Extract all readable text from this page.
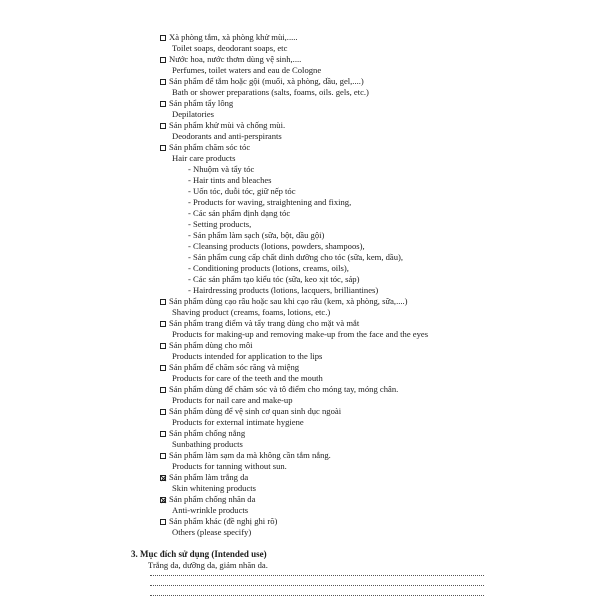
Xà phòng tắm, xà phòng khử mùi,.....
Toilet soaps, deodorant soaps, etc
Nước hoa, nước thơm dùng vệ sinh,....
Perfumes, toilet waters and eau de Cologne
Sản phẩm để tắm hoặc gội (muối, xà phòng, dầu, gel,....)
Bath or shower preparations (salts, foams, oils. gels, etc.)
Sản phẩm tẩy lông
Depilatories
Sản phẩm khử mùi và chống mùi.
Deodorants and anti-perspirants
Sản phẩm chăm sóc tóc
Hair care products
- Nhuộm và tẩy tóc
- Hair tints and bleaches
- Uốn tóc, duỗi tóc, giữ nếp tóc
- Products for waving, straightening and fixing,
- Các sản phẩm định dạng tóc
- Setting products,
- Sản phẩm làm sạch (sữa, bột, dầu gội)
- Cleansing products (lotions, powders, shampoos),
- Sản phẩm cung cấp chất dinh dưỡng cho tóc (sữa, kem, dầu),
- Conditioning products (lotions, creams, oils),
- Các sản phẩm tạo kiểu tóc (sữa, keo xịt tóc, sáp)
- Hairdressing products (lotions, lacquers, brilliantines)
Sản phẩm dùng cạo râu hoặc sau khi cạo râu (kem, xà phòng, sữa,....)
Shaving product (creams, foams, lotions, etc.)
Sản phẩm trang điểm và tẩy trang dùng cho mặt và mắt
Products for making-up and removing make-up from the face and the eyes
Sản phẩm dùng cho môi
Products intended for application to the lips
Sản phẩm để chăm sóc răng và miệng
Products for care of the teeth and the mouth
Sản phẩm dùng để chăm sóc và tô điểm cho móng tay, móng chân.
Products for nail care and make-up
Sản phẩm dùng để vệ sinh cơ quan sinh dục ngoài
Products for external intimate hygiene
Sản phẩm chống nắng
Sunbathing products
Sản phẩm làm sạm da mà không cần tắm nắng.
Products for tanning without sun.
Sản phẩm làm trắng da
Skin whitening products
Sản phẩm chống nhăn da
Anti-wrinkle products
Sản phẩm khác (đề nghị ghi rõ)
Others (please specify)
3. Mục đích sử dụng (Intended use)
Trắng da, dưỡng da, giảm nhăn da.
